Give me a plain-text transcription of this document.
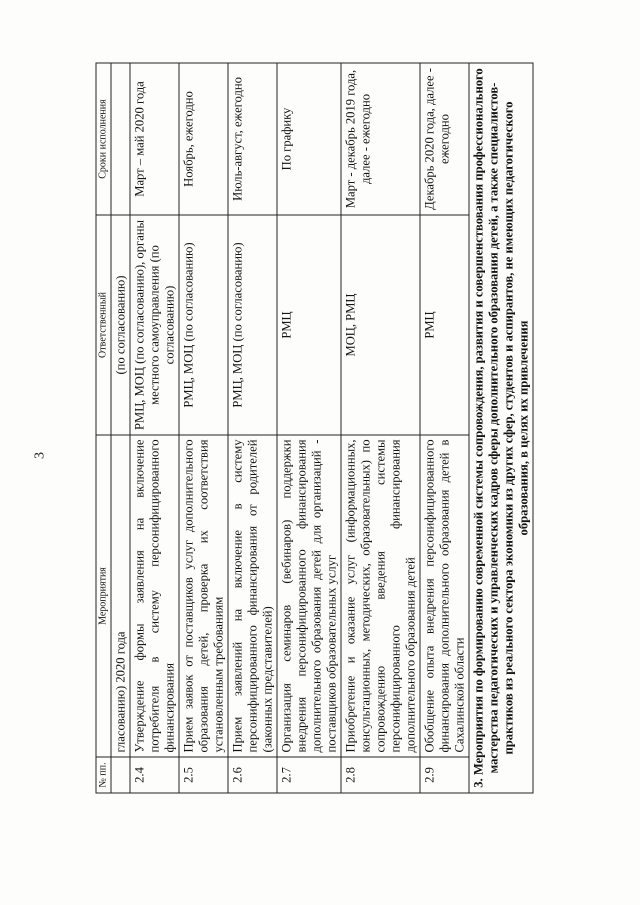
3
№ пп.	Мероприятия	Ответственный	Сроки исполнения
	гласованию) 2020 года	(по согласованию)	
2.4	Утверждение формы заявления на включение потребителя в систему персонифицированного финансирования	РМЦ, МОЦ (по согласованию), органы местного самоуправления (по согласованию)	Март – май 2020 года
2.5	Прием заявок от поставщиков услуг дополнительного образования детей, проверка их соответствия установленным требованиям	РМЦ, МОЦ (по согласованию)	Ноябрь, ежегодно
2.6	Прием заявлений на включение в систему персонифицированного финансирования от родителей (законных представителей)	РМЦ, МОЦ (по согласованию)	Июль-август, ежегодно
2.7	Организация семинаров (вебинаров) поддержки внедрения персонифицированного финансирования дополнительного образования детей для организаций - поставщиков образовательных услуг	РМЦ	По графику
2.8	Приобретение и оказание услуг (информационных, консультационных, методических, образовательных) по сопровождению введения системы персонифицированного финансирования дополнительного образования детей	МОЦ, РМЦ	Март - декабрь 2019 года, далее - ежегодно
2.9	Обобщение опыта внедрения персонифицированного финансирования дополнительного образования детей в Сахалинской области	РМЦ	Декабрь 2020 года, далее - ежегодно
3. Мероприятия по формированию современной системы сопровождения, развития и совершенствования профессионального мастерства педагогических и управленческих кадров сферы дополнительного образования детей, а также специалистов-практиков из реального сектора экономики из других сфер, студентов и аспирантов, не имеющих педагогического образования, в целях их привлечения			
